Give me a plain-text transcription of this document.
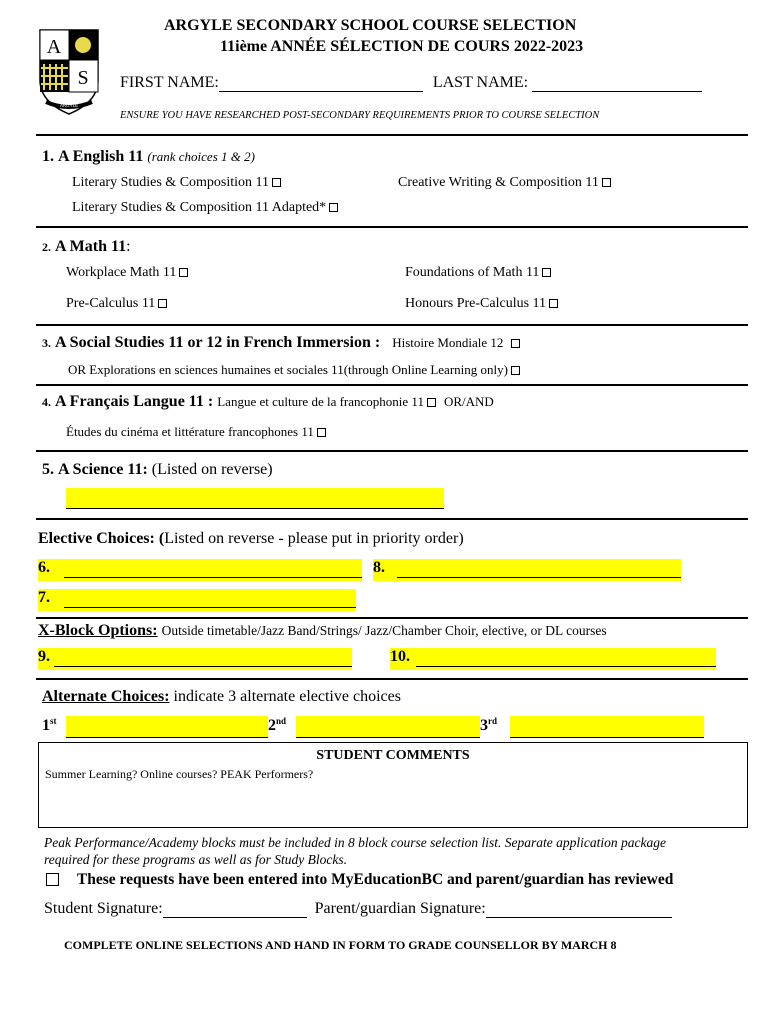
A
S
ARGYLE
ARGYLE SECONDARY SCHOOL COURSE SELECTION
11ième ANNÉE SÉLECTION DE COURS 2022-2023
FIRST NAME:	LAST NAME:
ENSURE YOU HAVE RESEARCHED POST-SECONDARY REQUIREMENTS PRIOR TO COURSE SELECTION
1. A English 11 (rank choices 1 & 2)
Literary Studies & Composition 11	Creative Writing & Composition 11
Literary Studies & Composition 11 Adapted*
2. A Math 11:
Workplace Math 11	Foundations of Math 11
Pre-Calculus 11	Honours Pre-Calculus 11
3. A Social Studies 11 or 12 in French Immersion : Histoire Mondiale 12
OR Explorations en sciences humaines et sociales 11(through Online Learning only)
4. A Français Langue 11 : Langue et culture de la francophonie 11 OR/AND
Études du cinéma et littérature francophones 11
5. A Science 11: (Listed on reverse)
Elective Choices: (Listed on reverse - please put in priority order)
6.	8.
7.
X-Block Options: Outside timetable/Jazz Band/Strings/ Jazz/Chamber Choir, elective, or DL courses
9.	10.
Alternate Choices: indicate 3 alternate elective choices
1st	2nd	3rd
STUDENT COMMENTS
Summer Learning? Online courses? PEAK Performers?
Peak Performance/Academy blocks must be included in 8 block course selection list. Separate application package
required for these programs as well as for Study Blocks.
These requests have been entered into MyEducationBC and parent/guardian has reviewed
Student Signature:	Parent/guardian Signature:
COMPLETE ONLINE SELECTIONS AND HAND IN FORM TO GRADE COUNSELLOR BY MARCH 8
